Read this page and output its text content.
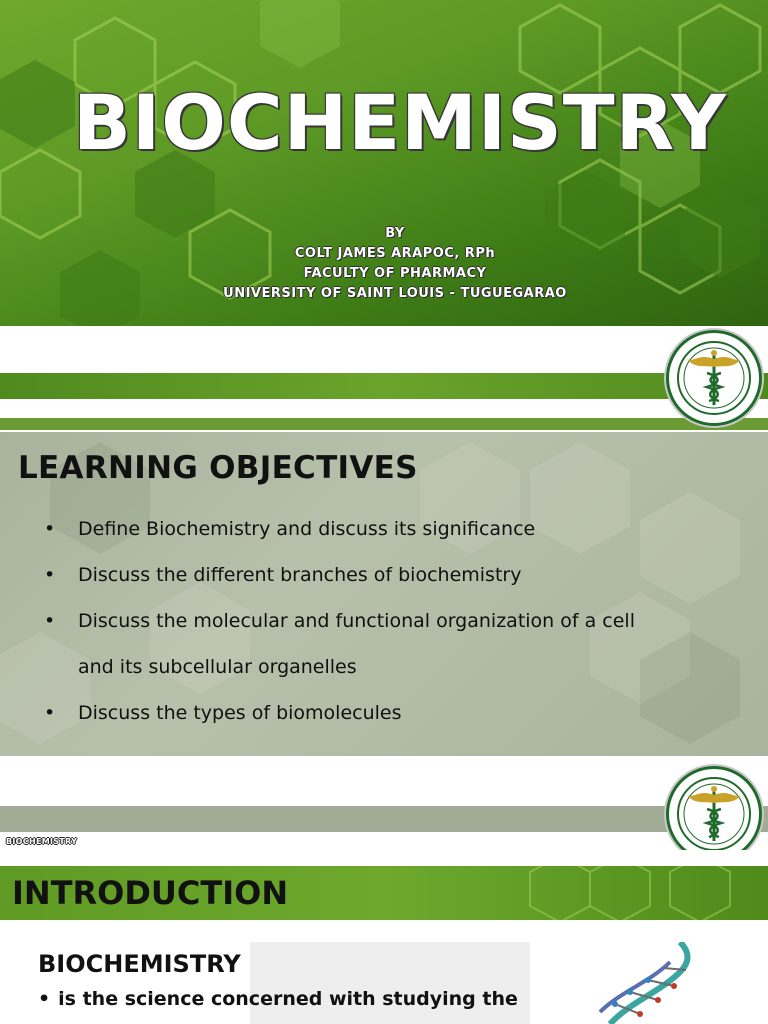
BIOCHEMISTRY
BY
COLT JAMES ARAPOC, RPh
FACULTY OF PHARMACY
UNIVERSITY OF SAINT LOUIS - TUGUEGARAO
LEARNING OBJECTIVES
• Define Biochemistry and discuss its significance
• Discuss the different branches of biochemistry
• Discuss the molecular and functional organization of a cell
and its subcellular organelles
• Discuss the types of biomolecules
BIOCHEMISTRY
INTRODUCTION
BIOCHEMISTRY
• is the science concerned with studying the
